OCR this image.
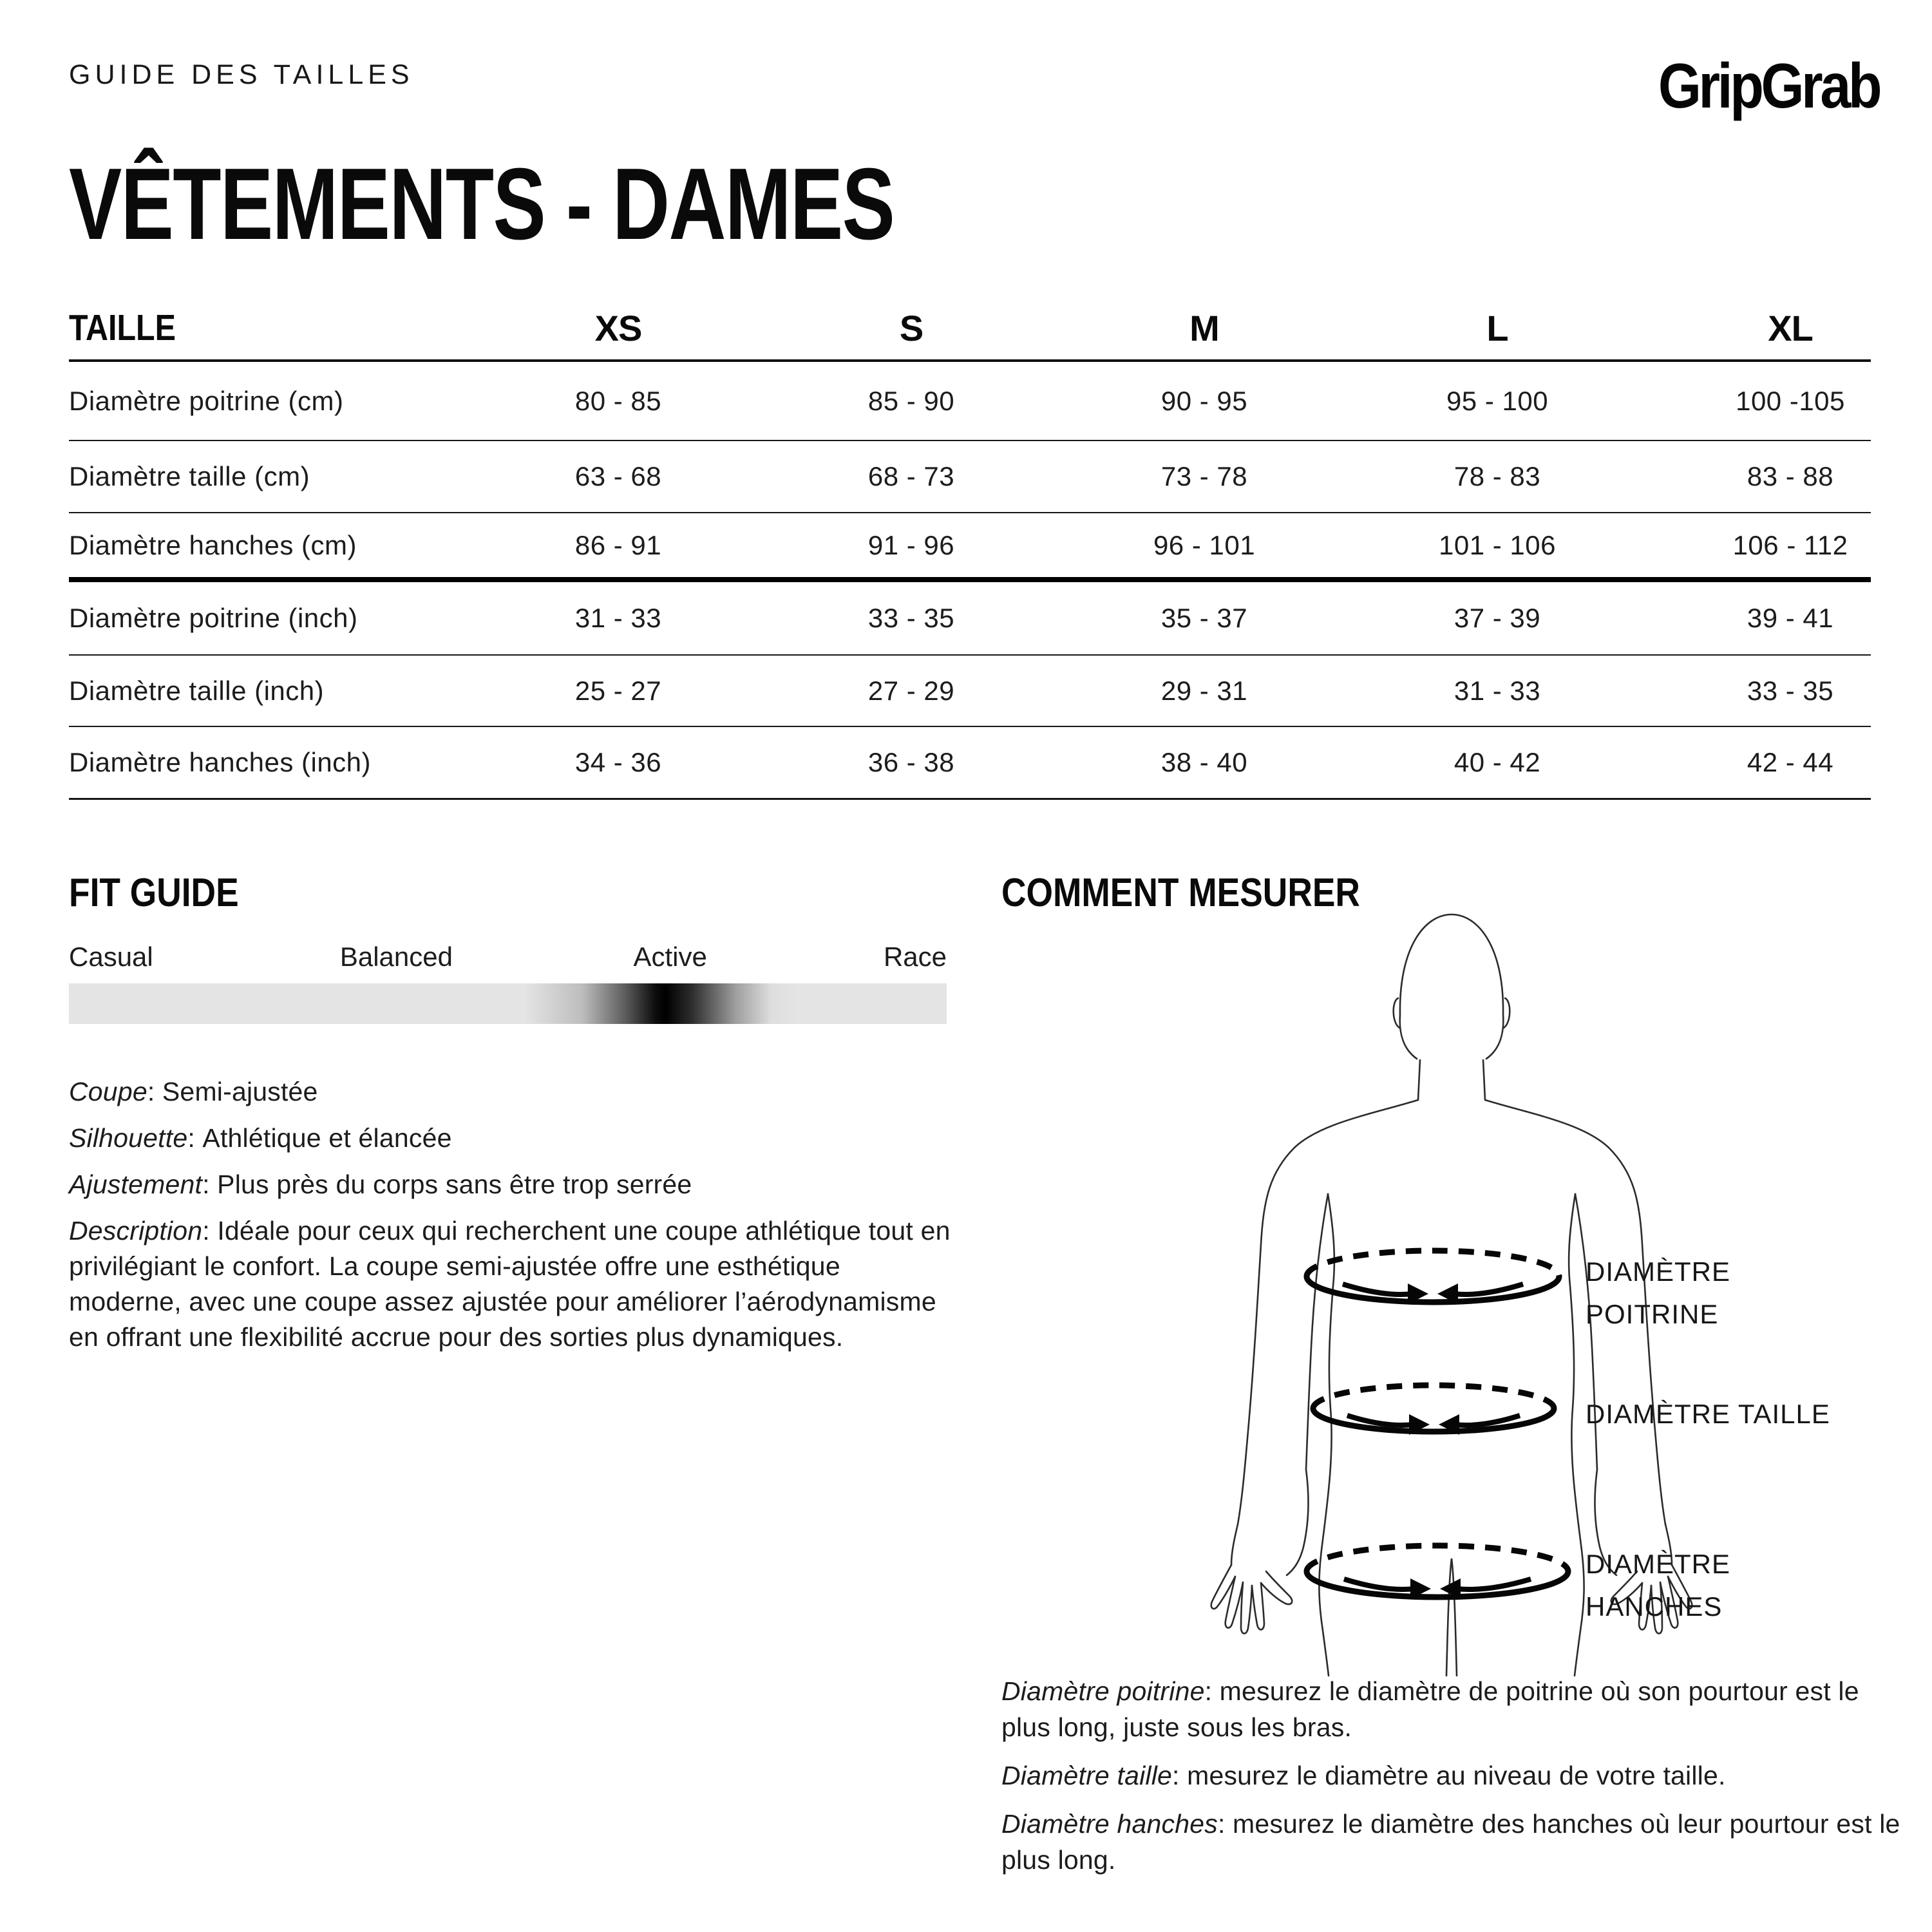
GUIDE DES TAILLES
VÊTEMENTS - DAMES
GripGrab
TAILLE	XS	S	M	L	XL
Diamètre poitrine (cm)	80 - 85	85 - 90	90 - 95	95 - 100	100 -105
Diamètre taille (cm)	63 - 68	68 - 73	73 - 78	78 - 83	83 - 88
Diamètre hanches (cm)	86 - 91	91 - 96	96 - 101	101 - 106	106 - 112
Diamètre poitrine (inch)	31 - 33	33 - 35	35 - 37	37 - 39	39 - 41
Diamètre taille (inch)	25 - 27	27 - 29	29 - 31	31 - 33	33 - 35
Diamètre hanches (inch)	34 - 36	36 - 38	38 - 40	40 - 42	42 - 44
FIT GUIDE
Casual	Balanced	Active	Race

Coupe: Semi-ajustée

Silhouette: Athlétique et élancée

Ajustement: Plus près du corps sans être trop serrée

Description: Idéale pour ceux qui recherchent une coupe athlétique tout en privilégiant le confort. La coupe semi-ajustée offre une esthétique moderne, avec une coupe assez ajustée pour améliorer l’aérodynamisme en offrant une flexibilité accrue pour des sorties plus dynamiques.

COMMENT MESURER
DIAMÈTRE
POITRINE
DIAMÈTRE TAILLE
DIAMÈTRE
HANCHES

Diamètre poitrine: mesurez le diamètre de poitrine où son pourtour est le plus long, juste sous les bras.

Diamètre taille: mesurez le diamètre au niveau de votre taille.

Diamètre hanches: mesurez le diamètre des hanches où leur pourtour est le plus long.
